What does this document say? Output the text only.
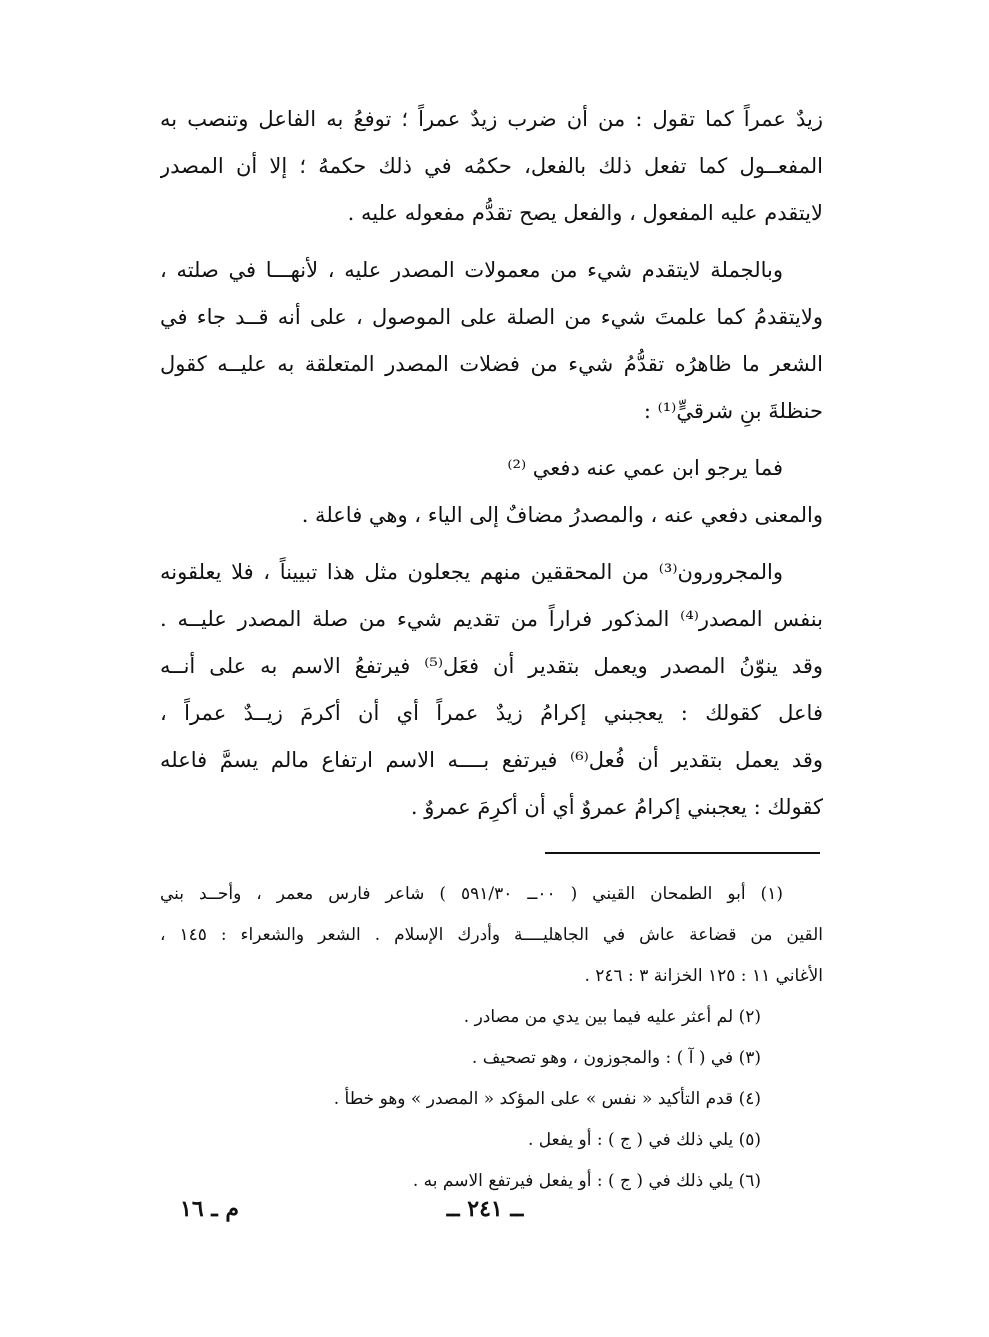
زيدٌ عمراً كما تقول : من أن ضرب زيدٌ عمراً ؛ توفعُ به الفاعل وتنصب به
المفعــول كما تفعل ذلك بالفعل، حكمُه في ذلك حكمهُ ؛ إلا أن المصدر
لايتقدم عليه المفعول ، والفعل يصح تقدُّم مفعوله عليه .
وبالجملة لايتقدم شيء من معمولات المصدر عليه ، لأنهـــا في صلته ،
ولايتقدمُ كما علمتَ شيء من الصلة على الموصول ، على أنه قــد جاء في
الشعر ما ظاهرُه تقدُّمُ شيء من فضلات المصدر المتعلقة به عليــه كقول
حنظلةَ بنِ شرقيٍّ⁽¹⁾ :
فما يرجو ابن عمي عنه دفعي ⁽²⁾
والمعنى دفعي عنه ، والمصدرُ مضافٌ إلى الياء ، وهي فاعلة .
والمجرورون⁽³⁾ من المحققين منهم يجعلون مثل هذا تبييناً ، فلا يعلقونه
بنفس المصدر⁽⁴⁾ المذكور فراراً من تقديم شيء من صلة المصدر عليــه .
وقد ينوّنُ المصدر ويعمل بتقدير أن فعَل⁽⁵⁾ فيرتفعُ الاسم به على أنــه
فاعل كقولك : يعجبني إكرامُ زيدٌ عمراً أي أن أكرمَ زيــدٌ عمراً ،
وقد يعمل بتقدير أن فُعل⁽⁶⁾ فيرتفع بــــه الاسم ارتفاع مالم يسمَّ فاعله
كقولك : يعجبني إكرامُ عمروٌ أي أن أكرِمَ عمروٌ .
(١) أبو الطمحان القيني ( ٠٠ــ ٥٩١/٣٠ ) شاعر فارس معمر ، وأحــد بني
القين من قضاعة عاش في الجاهليــــة وأدرك الإسلام . الشعر والشعراء : ١٤٥ ،
الأغاني ١١ : ١٢٥ الخزانة ٣ : ٢٤٦ .
(٢) لم أعثر عليه فيما بين يدي من مصادر .
(٣) في ( آ ) : والمجوزون ، وهو تصحيف .
(٤) قدم التأكيد « نفس » على المؤكد « المصدر » وهو خطأ .
(٥) يلي ذلك في ( ج ) : أو يفعل .
(٦) يلي ذلك في ( ج ) : أو يفعل فيرتفع الاسم به .
ــ ٢٤١ ــ
م ـ ١٦
